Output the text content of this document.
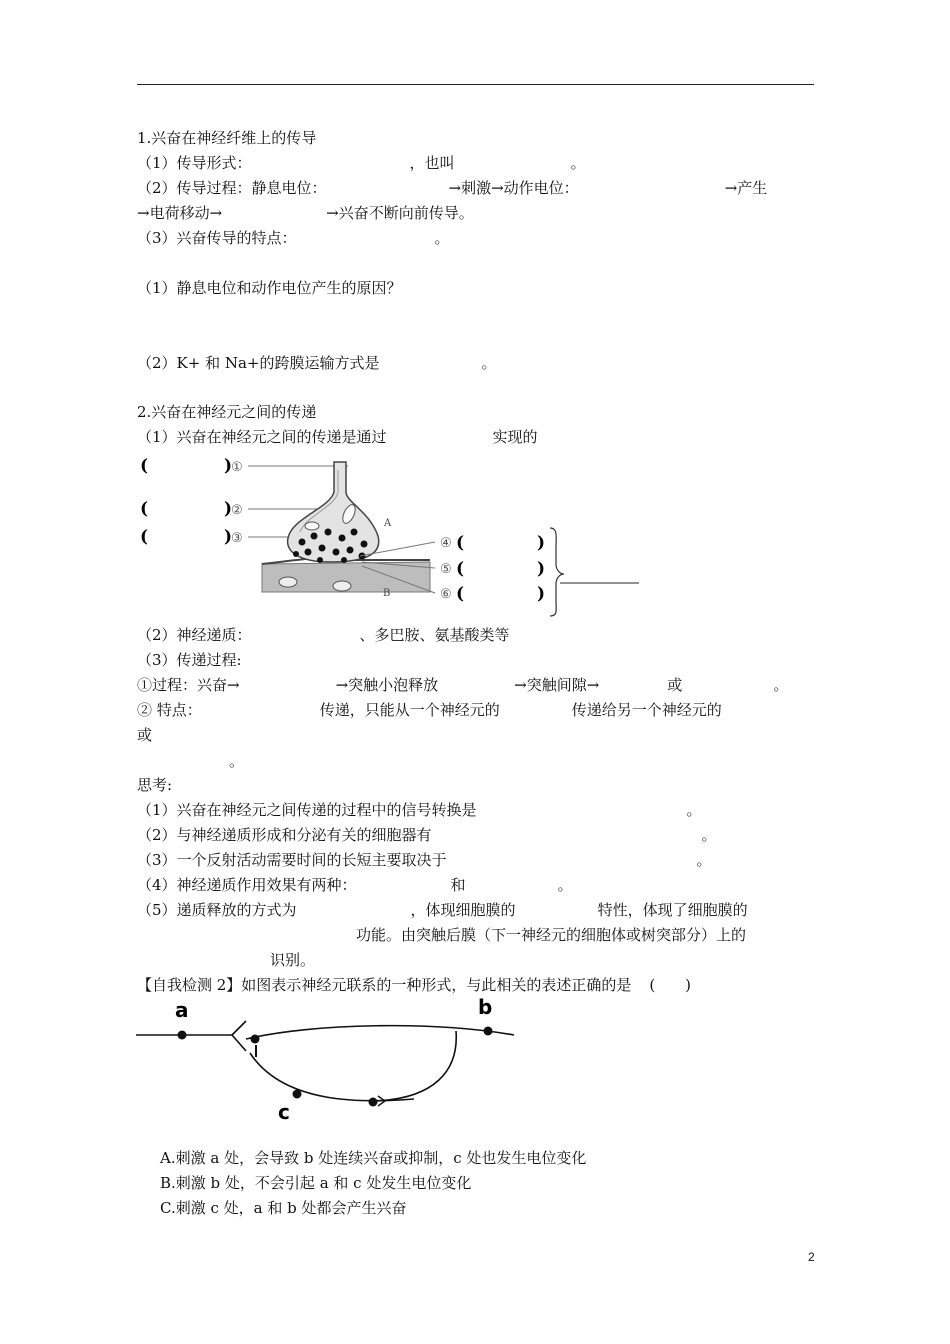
1.兴奋在神经纤维上的传导
（1）传导形式：	，也叫	。
（2）传导过程：静息电位：	→刺激→动作电位：	→产生
→电荷移动→	→兴奋不断向前传导。
（3）兴奋传导的特点：	。
（1）静息电位和动作电位产生的原因？
（2）K+ 和 Na+的跨膜运输方式是	。
2.兴奋在神经元之间的传递
（1）兴奋在神经元之间的传递是通过	实现的
(	)
(	)
(	)
①
②
③
B
A
④
⑤
⑥
(	)
(	)
(	)
（2）神经递质：	、多巴胺、氨基酸类等
（3）传递过程:
①过程：兴奋→	→突触小泡释放	→突触间隙→	或	。
② 特点：	传递，只能从一个神经元的	传递给另一个神经元的
或
。
思考:
（1）兴奋在神经元之间传递的过程中的信号转换是	。
（2）与神经递质形成和分泌有关的细胞器有	。
（3）一个反射活动需要时间的长短主要取决于	。
（4）神经递质作用效果有两种：	和	。
（5）递质释放的方式为	，体现细胞膜的	特性，体现了细胞膜的
功能。由突触后膜（下一神经元的细胞体或树突部分）上的
识别。
【自我检测 2】如图表示神经元联系的一种形式，与此相关的表述正确的是 (　　)
a	b
c
A.刺激 a 处，会导致 b 处连续兴奋或抑制，c 处也发生电位变化
B.刺激 b 处，不会引起 a 和 c 处发生电位变化
C.刺激 c 处，a 和 b 处都会产生兴奋
2
